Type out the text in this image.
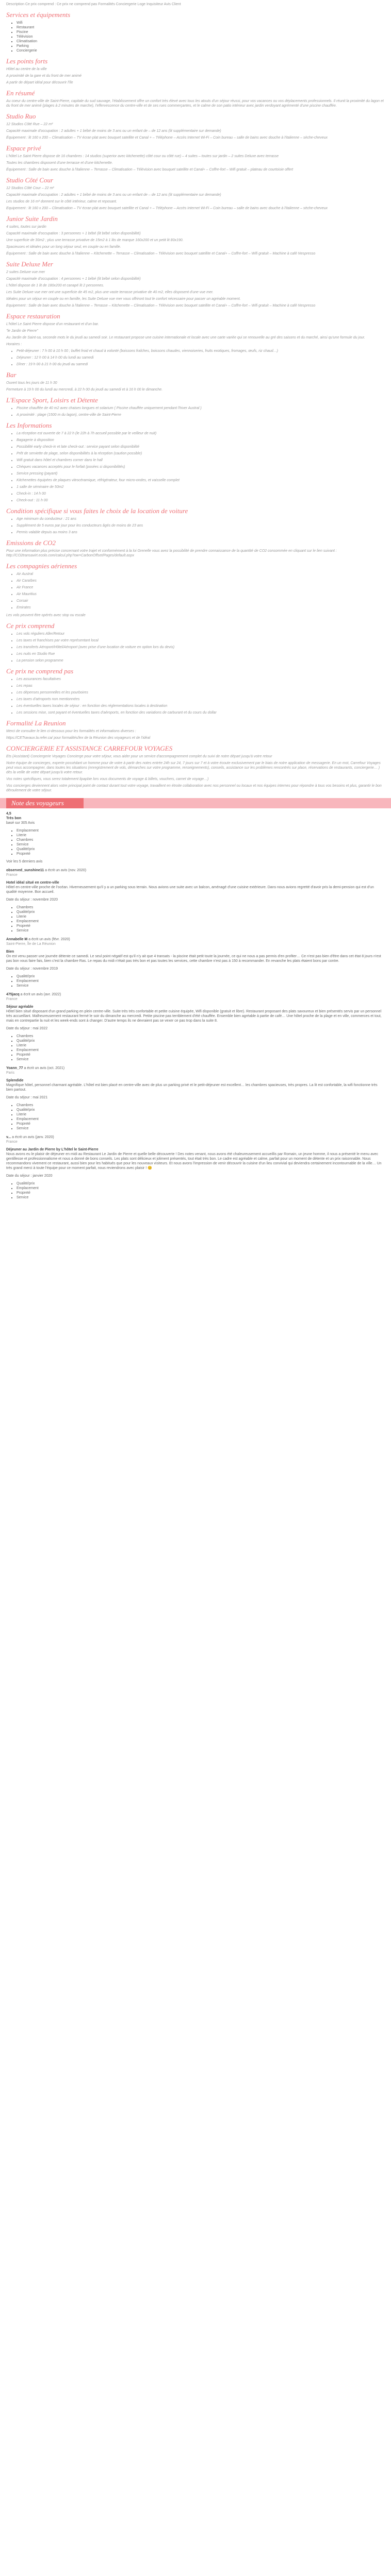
Description Ce prix comprend : Ce prix ne comprend pas Formalités Conciergerie Loge Inquisiteur Avis Client

Services et équipements
▪ Wifi
▪ Restaurant
▪ Piscine
▪ Télévision
▪ Climatisation
▪ Parking
▪ Conciergerie
Les points forts

Hôtel au centre de la ville

A proximité de la gare et du front de mer animé

A partir de départ idéal pour découvrir l'île

En résumé

Au coeur du centre-ville de Saint-Pierre, capitale du sud sauvage, l'établissement offre un confort très élevé avec tous les atouts d'un séjour réussi, pour vos vacances ou vos déplacements professionnels. Il réunit la proximité du lagon et du front de mer animé (plages à 2 minutes de marche), l'effervescence du centre-ville et de ses rues commerçantes, et le calme de son patio intérieur avec jardin verdoyant agrémenté d'une piscine chauffée.

Studio Ruo

12 Studios Côté Rue – 22 m²

Capacité maximale d'occupation : 2 adultes + 1 bébé de moins de 3 ans ou un enfant de – de 12 ans (lit supplémentaire sur demande)

Équipement : lit 160 x 200 – Climatisation – TV écran plat avec bouquet satellite et Canal + – Téléphone – Accès Internet Wi-Fi – Coin bureau – salle de bains avec douche à l'italienne – sèche-cheveux

Espace privé

L'hôtel Le Saint Pierre dispose de 16 chambres : 14 studios (superior avec kitchenette) côté cour ou côté rue) – 4 suites – toutes sur jardin – 2 suites Deluxe avec terrasse

Toutes les chambres disposent d'une terrasse et d'une kitchenette.

Équipement : Salle de bain avec douche à l'italienne – Terrasse – Climatisation – Télévision avec bouquet satellite et Canal+ – Coffre-fort – Wifi gratuit – plateau de courtoisie offert

Studio Côté Cour

12 Studios Côté Cour – 22 m²

Capacité maximale d'occupation : 2 adultes + 1 bébé de moins de 3 ans ou un enfant de – de 12 ans (lit supplémentaire sur demande)

Les studios de 16 m² donnent sur le côté intérieur, calme et reposant.

Equipement : lit 160 x 200 – Climatisation – TV écran plat avec bouquet satellite et Canal + – Téléphone – Accès Internet Wi-Fi – Coin bureau – salle de bains avec douche à l'italienne – sèche-cheveux

Junior Suite Jardin

4 suites, toutes sur jardin

Capacité maximale d'occupation : 3 personnes + 1 bébé (lit bébé selon disponibilité)

Une superficie de 30m2 ; plus une terrasse privative de 15m2 à 1 lits de marque 160x200 et un petit lit 80x190.

Spacieuses et idéales pour un long séjour seul, en couple ou en famille.

Équipement : Salle de bain avec douche à l'italienne – Kitchenette – Terrasse – Climatisation – Télévision avec bouquet satellite et Canal+ – Coffre-fort – Wifi gratuit – Machine à café Nespresso

Suite Deluxe Mer

2 suites Deluxe vue mer

Capacité maximale d'occupation : 4 personnes + 1 bébé (lit bébé selon disponibilité)

L'hôtel dispose de 1 lit de 180x200 et canapé lit 2 personnes.

Les Suite Deluxe vue mer ont une superficie de 45 m2, plus une vaste terrasse privative de 40 m2, elles disposent d'une vue mer.

Idéales pour un séjour en couple ou en famille, les Suite Deluxe vue mer vous offriront tout le confort nécessaire pour passer un agréable moment.

Equipement : Salle de bain avec douche à l'italienne – Terrasse – Kitchenette – Climatisation – Télévision avec bouquet satellite et Canal+ – Coffre-fort – Wifi gratuit – Machine à café Nespresso

Espace restauration

L'hôtel Le Saint Pierre dispose d'un restaurant et d'un bar.

"le Jardin de Pierre"

Au Jardin de Saint-sa, seconde mots le du jeudi au samedi soir. Le restaurant propose une cuisine internationale et locale avec une carte variée qui se renouvelle au gré des saisons et du marché, ainsi qu'une formule du jour.

Horaires :

▪ Petit-déjeuner : 7 h 00 à 10 h 00 ; buffet froid et chaud à volonté (boissons fraîches, boissons chaudes, viennoiseries, fruits exotiques, fromages, œufs, riz chaud…)
▪ Déjeuner : 12 h 00 à 14 h 00 du lundi au samedi
▪ Dîner : 19 h 00 à 21 h 00 du jeudi au samedi
Bar

Ouvert tous les jours de 11 h 30

Fermeture à 19 h 00 du lundi au mercredi, à 22 h 00 du jeudi au samedi et à 16 h 00 le dimanche.

L'Espace Sport, Loisirs et Détente
▪ Piscine chauffée de 40 m2 avec chaises longues et solarium ( Piscine chauffée uniquement pendant l'hiver Austral )
▪ A proximité : plage (1500 m du lagon), centre-ville de Saint-Pierre
Les Informations
▪ La réception est ouverte de 7 à 22 h (le 22h à 7h accueil possible par le veilleur de nuit)
▪ Bagagerie à disposition
▪ Possibilité early check-in et late check-out : service payant selon disponibilité
▪ Prêt de serviette de plage, selon disponibilités à la réception (caution possible)
▪ Wifi gratuit dans hôtel et chambres corner dans le hall
▪ Chèques vacances acceptés pour le forfait (posées si disponibilités)
▪ Service pressing (payant)
▪ Kitchenettes équipées de plaques vitrocéramique, réfrigérateur, four micro-ondes, et vaisselle complet
▪ 1 salle de séminaire de 50m2
▪ Check-in : 14 h 00
▪ Check-out : 11 h 00
Condition spécifique si vous faites le choix de la location de voiture
▪ Age minimum du conducteur : 21 ans
▪ Supplément de 5 euros par jour pour les conducteurs âgés de moins de 23 ans
▪ Permis valable depuis au moins 3 ans
Emissions de CO2

Pour une information plus précise concernant votre trajet et conformément à la loi Grenelle vous avez la possibilité de prendre connaissance de la quantité de CO2 consommée en cliquant sur le lien suivant : http://CO2transavirt.ecolo.com/calcul.php?ow=CarbonOffset/Pages/default.aspx

Les compagnies aériennes
▪ Air Austral
▪ Air Caraïbes
▪ Air France
▪ Air Mauritius
▪ Corsair
▪ Emirates

Les vols peuvent être opérés avec stop ou escale

Ce prix comprend
▪ Les vols réguliers Aller/Retour
▪ Les taxes et franchises par votre représentant local
▪ Les transferts Aéroport/Hôtel/Aéroport (avec prise d'une location de voiture en option lors du devis)
▪ Les nuits en Studio Rue
▪ La pension selon programme
Ce prix ne comprend pas
▪ Les assurances facultatives
▪ Les repas
▪ Les dépenses personnelles et les pourboires
▪ Les taxes d'aéroports non mentionnées
▪ Les éventuelles taxes locales de séjour : en fonction des réglementations locales à destination
▪ Les sessions mise, sont payant et éventuelles taxes d'aéroports, en fonction des variations de carburant et du cours du dollar
Formalité La Reunion

Merci de consulter le lien ci-dessous pour les formalités et informations diverses :

https://CETravaux.la.refer.ca/ pour formalités/lex de la Réunion des voyageurs et de l'idéal

CONCIERGERIE ET ASSISTANCE CARREFOUR VOYAGES

Ets (Assistant) Conciergerie Voyages Concierge pour votre séjour, vous aider pour un service d'accompagnement complet du suivi de notre départ jusqu'à votre retour

Notre équipe de concierges, experte possédant un homme pour de votre à partir des notes entrée 24h sur 24, 7 jours sur 7 et à votre écoute exclusivement par le biais de notre application de messagerie. En un mot, Carrefour Voyages peut vous accompagner, dans toutes les situations (enregistrement de vols, démarches sur votre programme, renseignements), conseils, assistance sur les problèmes rencontrés sur place, réservations de restaurants, conciergerie… ) dès la veille de votre départ jusqu'à votre retour.

Vos notes spécifiques, vous serez totalement lipapbie lors vous documents de voyage & billets, vouchers, carnet de voyage…)

Vos concierges deviennent alors votre principal point de contact durant tout votre voyage, travaillent en étroite collaboration avec nos personnel ou locaux et nos équipes internes pour répondre à tous vos besoins et plus, garantir le bon déroulement de votre séjour.

Note des voyageurs

4,5

Très bon

basé sur 305 Avis

▪ Emplacement
▪ Literie
▪ Chambres
▪ Service
▪ Qualité/prix
▪ Propreté

Voir les 5 derniers avis

observed_sunshine11 a écrit un avis (nov. 2020)

France

Hotel idéal situé en centre-ville

Hôtel en centre-ville proche de l'océan. Hiverneusement qu'il y a un parking sous terrain. Nous avions une suite avec un balcon, aménagé d'une cuisine extérieure. Dans nous avions regretté d'avoir pris la demi-pension qui est d'un qualité moyenne. Bon accueil.

Date du séjour : novembre 2020

▪ Chambres
▪ Qualité/prix
▪ Literie
▪ Emplacement
▪ Propreté
▪ Service

Annabelle M a écrit un avis (févr. 2020)

Saint-Pierre, Île de La Réunion

Bien

On est venu passer une journée détente ce samedi. Le seul point négatif est qu'il n'y ait que 4 transats - la piscine était petit toute la journée, ce qui ne nous a pas permis d'en profiter… Ce n'est pas bien d'être dans cet état 8 jours n'est pas bon vous faire fais, bien c'est la chambre Ras. Le repas du midi n'était pas très bon et pas toutes les services, cette chambre n'est pas à 150 à recommander. En revanche les plats étaient bons par contre.

Date du séjour : novembre 2019

▪ Qualité/prix
▪ Emplacement
▪ Service

475jacq a écrit un avis (avr. 2022)

France

Séjour agréable

Hôtel bien situé disposant d'un grand parking en plein centre-ville. Suite très très confortable et petite cuisine équipée, Wifi disponible (gratuit et libre). Restaurant proposant des plats savoureux et bien présentés servis par un personnel très accueillant. Malheureusement restaurant fermé le soir du dimanche au mercredi. Petite piscine pas terriblement d'été chauffée. Ensemble bien agréable à partie de café… Une hôtel proche de la plage et en ville, commerces et tout, mais en contrepartie la nuit et les week-ends sont à changer. D'autre temps ils ne devraient pas se vexer ce pas trop dans la suite 8.

Date du séjour : mai 2022

▪ Chambres
▪ Qualité/prix
▪ Literie
▪ Emplacement
▪ Propreté
▪ Service

Yoann_77 a écrit un avis (oct. 2021)

Paris

Splendide

Magnifique hôtel, personnel charmant agréable. L'hôtel est bien placé en centre-ville avec de plus un parking privé et le petit-déjeuner est excellent… les chambres spacieuses, très propres. La lit est confortable, la wifi fonctionne très bien partout.

Date du séjour : mai 2021

▪ Chambres
▪ Qualité/prix
▪ Literie
▪ Emplacement
▪ Propreté
▪ Service

v... a écrit un avis (janv. 2020)

France

Déjeuner au Jardin de Pierre by L'hôtel le Saint-Pierre

Nous avons eu le plaisir de déjeuner en midi au Restaurant Le Jardin de Pierre et quelle belle découverte ! Des notes venant, nous avons été chaleureusement accueillis par Romain, un jeune homme, il nous a présenté le menu avec gentillesse et professionnalisme et nous a donné de bons conseils. Les plats sont délicieux et joliment présentés, tout était très bon. Le cadre est agréable et calme, parfait pour un moment de détente et un prix raisonnable. Nous recommandons vivement ce restaurant, aussi bien pour les habitués que pour les nouveaux visiteurs. Et nous avons l'impression de venir découvrir la cuisine d'un lieu convivial qui deviendra certainement incontournable de la ville… Un très grand merci à toute l'équipe pour ce moment parfait, nous reviendrons avec plaisir ! 😊

Date du séjour : janvier 2020

▪ Qualité/prix
▪ Emplacement
▪ Propreté
▪ Service
